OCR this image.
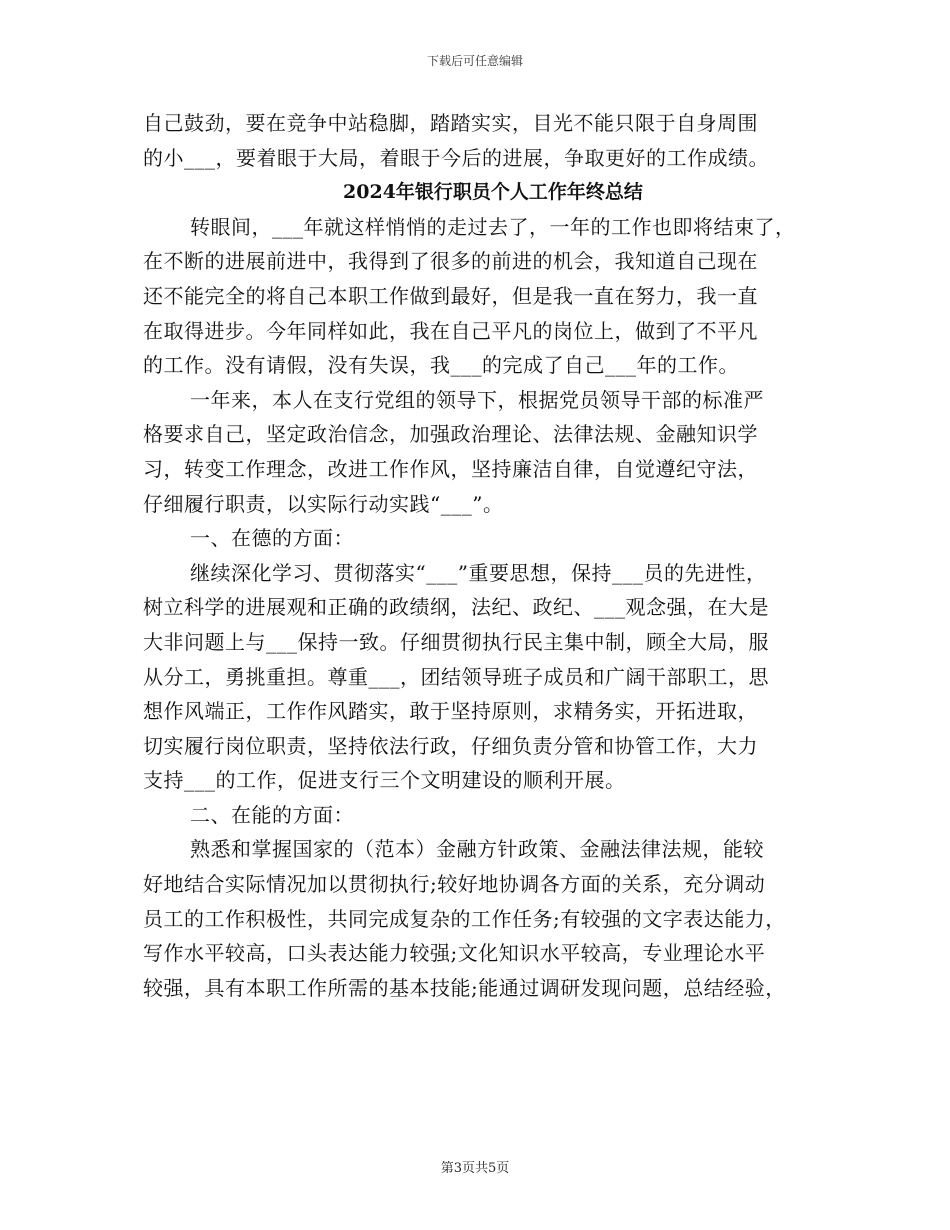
下载后可任意编辑
自己鼓劲，要在竞争中站稳脚，踏踏实实，目光不能只限于自身周围
的小___，要着眼于大局，着眼于今后的进展，争取更好的工作成绩。
2024年银行职员个人工作年终总结
转眼间，___年就这样悄悄的走过去了，一年的工作也即将结束了，
在不断的进展前进中，我得到了很多的前进的机会，我知道自己现在
还不能完全的将自己本职工作做到最好，但是我一直在努力，我一直
在取得进步。今年同样如此，我在自己平凡的岗位上，做到了不平凡
的工作。没有请假，没有失误，我___的完成了自己___年的工作。
一年来，本人在支行党组的领导下，根据党员领导干部的标准严
格要求自己，坚定政治信念，加强政治理论、法律法规、金融知识学
习，转变工作理念，改进工作作风，坚持廉洁自律，自觉遵纪守法，
仔细履行职责，以实际行动实践“___”。
一、在德的方面：
继续深化学习、贯彻落实“___”重要思想，保持___员的先进性，
树立科学的进展观和正确的政绩纲，法纪、政纪、___观念强，在大是
大非问题上与___保持一致。仔细贯彻执行民主集中制，顾全大局，服
从分工，勇挑重担。尊重___，团结领导班子成员和广阔干部职工，思
想作风端正，工作作风踏实，敢于坚持原则，求精务实，开拓进取，
切实履行岗位职责，坚持依法行政，仔细负责分管和协管工作，大力
支持___的工作，促进支行三个文明建设的顺利开展。
二、在能的方面：
熟悉和掌握国家的（范本）金融方针政策、金融法律法规，能较
好地结合实际情况加以贯彻执行;较好地协调各方面的关系，充分调动
员工的工作积极性，共同完成复杂的工作任务;有较强的文字表达能力，
写作水平较高，口头表达能力较强;文化知识水平较高，专业理论水平
较强，具有本职工作所需的基本技能;能通过调研发现问题，总结经验，
第3页共5页
